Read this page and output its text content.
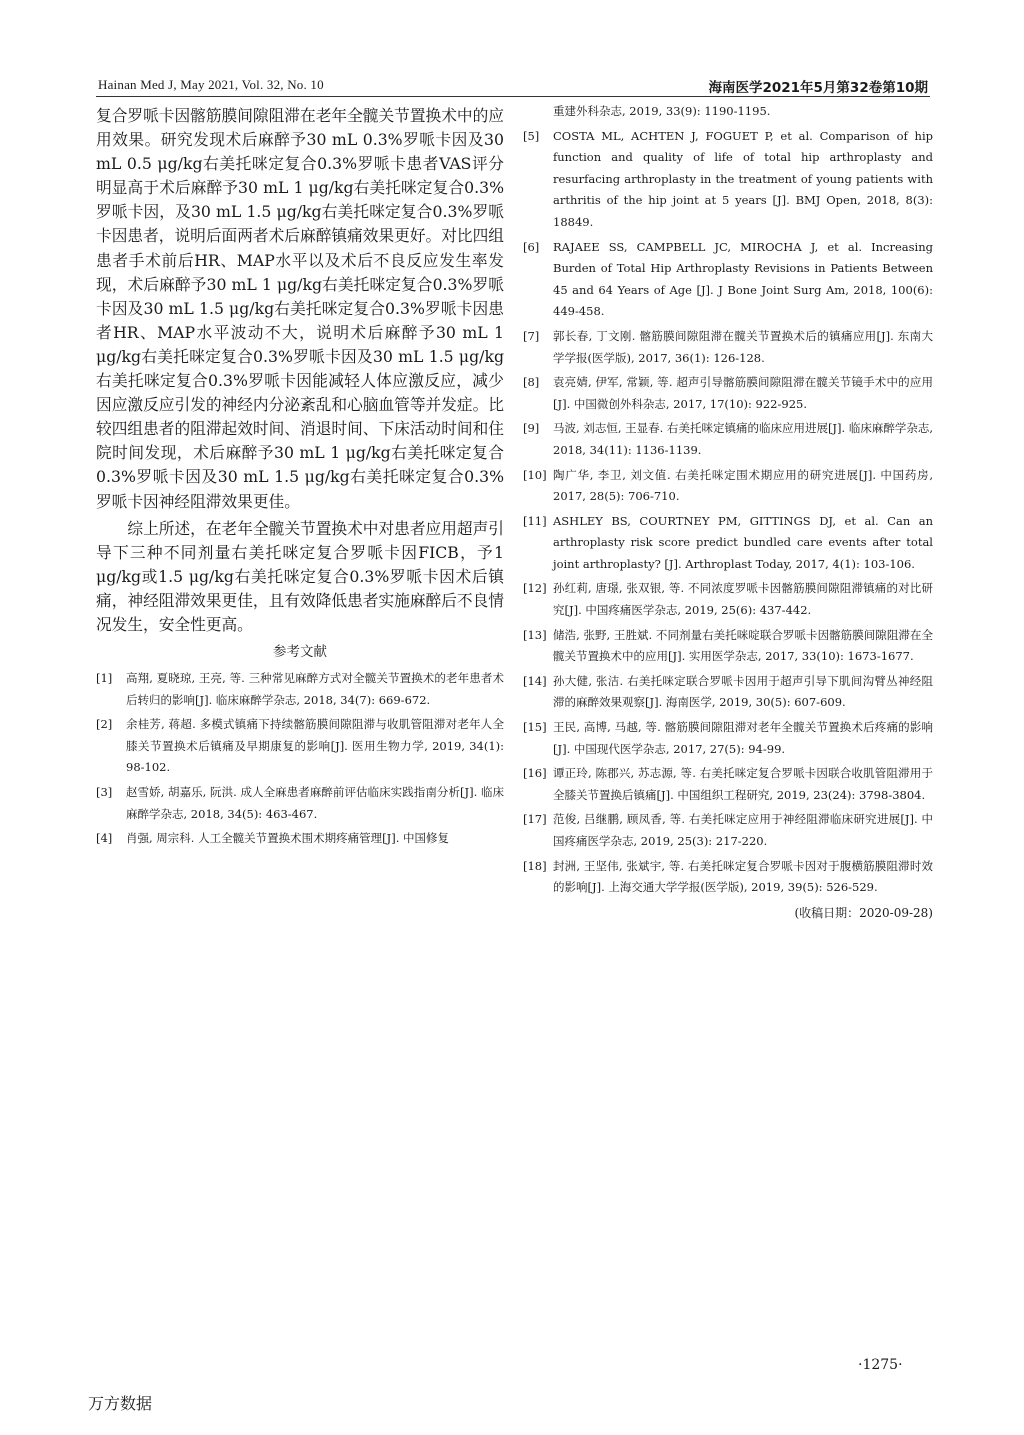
Hainan Med J, May 2021, Vol. 32, No. 10	海南医学2021年5月第32卷第10期

复合罗哌卡因髂筋膜间隙阻滞在老年全髋关节置换术中的应用效果。研究发现术后麻醉予30 mL 0.3%罗哌卡因及30 mL 0.5 μg/kg右美托咪定复合0.3%罗哌卡患者VAS评分明显高于术后麻醉予30 mL 1 μg/kg右美托咪定复合0.3%罗哌卡因，及30 mL 1.5 μg/kg右美托咪定复合0.3%罗哌卡因患者，说明后面两者术后麻醉镇痛效果更好。对比四组患者手术前后HR、MAP水平以及术后不良反应发生率发现，术后麻醉予30 mL 1 μg/kg右美托咪定复合0.3%罗哌卡因及30 mL 1.5 μg/kg右美托咪定复合0.3%罗哌卡因患者HR、MAP水平波动不大，说明术后麻醉予30 mL 1 μg/kg右美托咪定复合0.3%罗哌卡因及30 mL 1.5 μg/kg右美托咪定复合0.3%罗哌卡因能减轻人体应激反应，减少因应激反应引发的神经内分泌紊乱和心脑血管等并发症。比较四组患者的阻滞起效时间、消退时间、下床活动时间和住院时间发现，术后麻醉予30 mL 1 μg/kg右美托咪定复合0.3%罗哌卡因及30 mL 1.5 μg/kg右美托咪定复合0.3%罗哌卡因神经阻滞效果更佳。

综上所述，在老年全髋关节置换术中对患者应用超声引导下三种不同剂量右美托咪定复合罗哌卡因FICB，予1 μg/kg或1.5 μg/kg右美托咪定复合0.3%罗哌卡因术后镇痛，神经阻滞效果更佳，且有效降低患者实施麻醉后不良情况发生，安全性更高。

参考文献
[1] 高翔, 夏晓琼, 王亮, 等. 三种常见麻醉方式对全髋关节置换术的老年患者术后转归的影响[J]. 临床麻醉学杂志, 2018, 34(7): 669-672.
[2] 余桂芳, 蒋超. 多模式镇痛下持续髂筋膜间隙阻滞与收肌管阻滞对老年人全膝关节置换术后镇痛及早期康复的影响[J]. 医用生物力学, 2019, 34(1): 98-102.
[3] 赵雪娇, 胡嘉乐, 阮洪. 成人全麻患者麻醉前评估临床实践指南分析[J]. 临床麻醉学杂志, 2018, 34(5): 463-467.
[4] 肖强, 周宗科. 人工全髋关节置换术围术期疼痛管理[J]. 中国修复
重建外科杂志, 2019, 33(9): 1190-1195.
[5] COSTA ML, ACHTEN J, FOGUET P, et al. Comparison of hip function and quality of life of total hip arthroplasty and resurfacing arthroplasty in the treatment of young patients with arthritis of the hip joint at 5 years [J]. BMJ Open, 2018, 8(3): 18849.
[6] RAJAEE SS, CAMPBELL JC, MIROCHA J, et al. Increasing Burden of Total Hip Arthroplasty Revisions in Patients Between 45 and 64 Years of Age [J]. J Bone Joint Surg Am, 2018, 100(6): 449-458.
[7] 郭长春, 丁文刚. 髂筋膜间隙阻滞在髋关节置换术后的镇痛应用[J]. 东南大学学报(医学版), 2017, 36(1): 126-128.
[8] 袁亮婧, 伊军, 常颖, 等. 超声引导髂筋膜间隙阻滞在髋关节镜手术中的应用[J]. 中国微创外科杂志, 2017, 17(10): 922-925.
[9] 马波, 刘志恒, 王显春. 右美托咪定镇痛的临床应用进展[J]. 临床麻醉学杂志, 2018, 34(11): 1136-1139.
[10] 陶广华, 李卫, 刘文值. 右美托咪定围术期应用的研究进展[J]. 中国药房, 2017, 28(5): 706-710.
[11] ASHLEY BS, COURTNEY PM, GITTINGS DJ, et al. Can an arthroplasty risk score predict bundled care events after total joint arthroplasty? [J]. Arthroplast Today, 2017, 4(1): 103-106.
[12] 孙红莉, 唐璟, 张双银, 等. 不同浓度罗哌卡因髂筋膜间隙阻滞镇痛的对比研究[J]. 中国疼痛医学杂志, 2019, 25(6): 437-442.
[13] 储浩, 张野, 王胜斌. 不同剂量右美托咪啶联合罗哌卡因髂筋膜间隙阻滞在全髋关节置换术中的应用[J]. 实用医学杂志, 2017, 33(10): 1673-1677.
[14] 孙大健, 张洁. 右美托咪定联合罗哌卡因用于超声引导下肌间沟臂丛神经阻滞的麻醉效果观察[J]. 海南医学, 2019, 30(5): 607-609.
[15] 王民, 高博, 马越, 等. 髂筋膜间隙阻滞对老年全髋关节置换术后疼痛的影响[J]. 中国现代医学杂志, 2017, 27(5): 94-99.
[16] 谭正玲, 陈郡兴, 苏志源, 等. 右美托咪定复合罗哌卡因联合收肌管阻滞用于全膝关节置换后镇痛[J]. 中国组织工程研究, 2019, 23(24): 3798-3804.
[17] 范俊, 吕继鹏, 顾凤香, 等. 右美托咪定应用于神经阻滞临床研究进展[J]. 中国疼痛医学杂志, 2019, 25(3): 217-220.
[18] 封洲, 王坚伟, 张斌宇, 等. 右美托咪定复合罗哌卡因对于腹横筋膜阻滞时效的影响[J]. 上海交通大学学报(医学版), 2019, 39(5): 526-529.
(收稿日期：2020-09-28)
·1275·
万方数据
